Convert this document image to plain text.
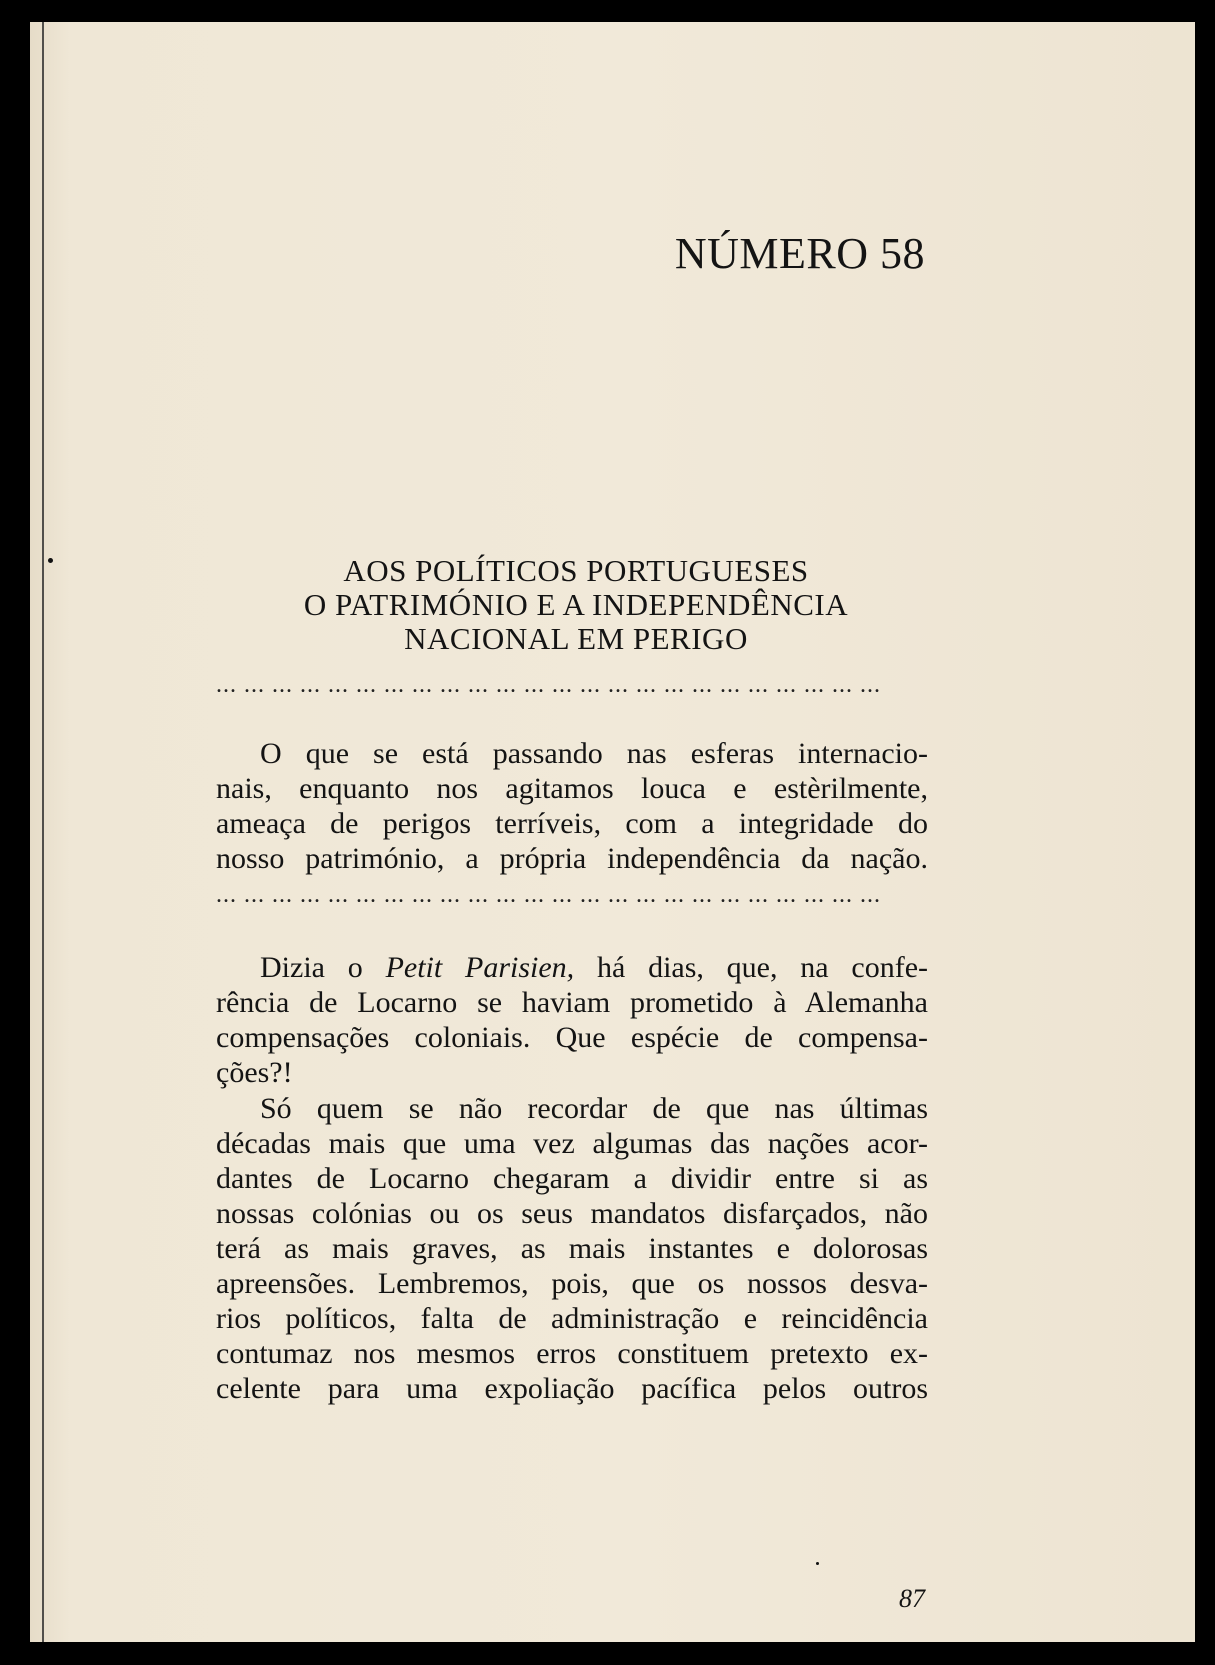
NÚMERO 58
AOS POLÍTICOS PORTUGUESES
O PATRIMÓNIO E A INDEPENDÊNCIA
NACIONAL EM PERIGO
... ... ... ... ... ... ... ... ... ... ... ... ... ... ... ... ... ... ... ... ... ... ... ...
O que se está passando nas esferas internacio-
nais, enquanto nos agitamos louca e estèrilmente,
ameaça de perigos terríveis, com a integridade do
nosso património, a própria independência da nação.
... ... ... ... ... ... ... ... ... ... ... ... ... ... ... ... ... ... ... ... ... ... ... ...
Dizia o Petit Parisien, há dias, que, na confe-
rência de Locarno se haviam prometido à Alemanha
compensações coloniais. Que espécie de compensa-
ções?!
Só quem se não recordar de que nas últimas
décadas mais que uma vez algumas das nações acor-
dantes de Locarno chegaram a dividir entre si as
nossas colónias ou os seus mandatos disfarçados, não
terá as mais graves, as mais instantes e dolorosas
apreensões. Lembremos, pois, que os nossos desva-
rios políticos, falta de administração e reincidência
contumaz nos mesmos erros constituem pretexto ex-
celente para uma expoliação pacífica pelos outros
87
